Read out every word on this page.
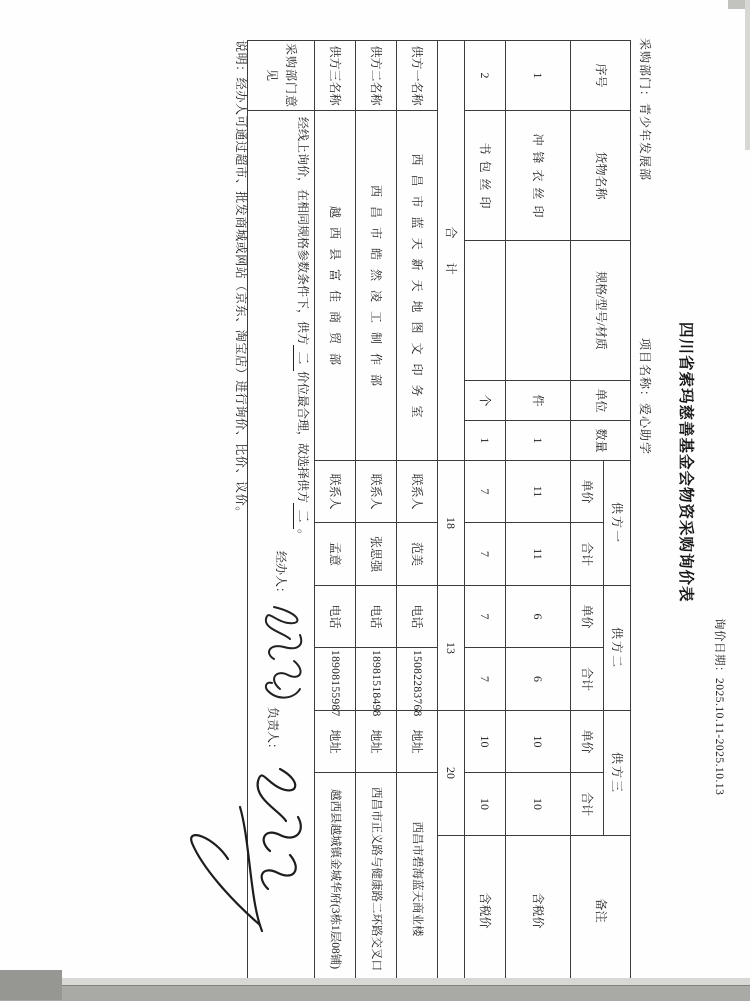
询价日期：2025.10.11-2025.10.13
四川省索玛慈善基金会物资采购询价表
采购部门：青少年发展部
项目名称：爱心助学
序号	货物名称	规格/型号/材质	单位	数量	供方一		供方二		供方三		备注
					单价	合计	单价	合计	单价	合计	
1	冲锋衣丝印		件	1	11	11	6	6	10	10	含税价
2	书包丝印		个	1	7	7	7	7	10	10	含税价
合　　计					18		13		20		
供方一名称	西昌市蓝天新天地图文印务室				联系人	范美	电话	15082283768	地址	西昌市碧海蓝天商业楼	
供方二名称	西昌市皓然凌工制作部				联系人	张思强	电话	18981518498	地址	西昌市正义路与健康路二环路交叉口	
供方三名称	越西县富佳商贸部				联系人	孟意	电话	18908155987	地址	越西县越城镇金城华府(3栋1层08铺)	
采购部门意见	经线上询价，在相同规格参数条件下，供方二价位最合理，故选择供方二。
经办人：
负责人：										
说明：经办人可通过超市、批发商城或网站（京东、淘宝店）进行询价、比价、议价。
